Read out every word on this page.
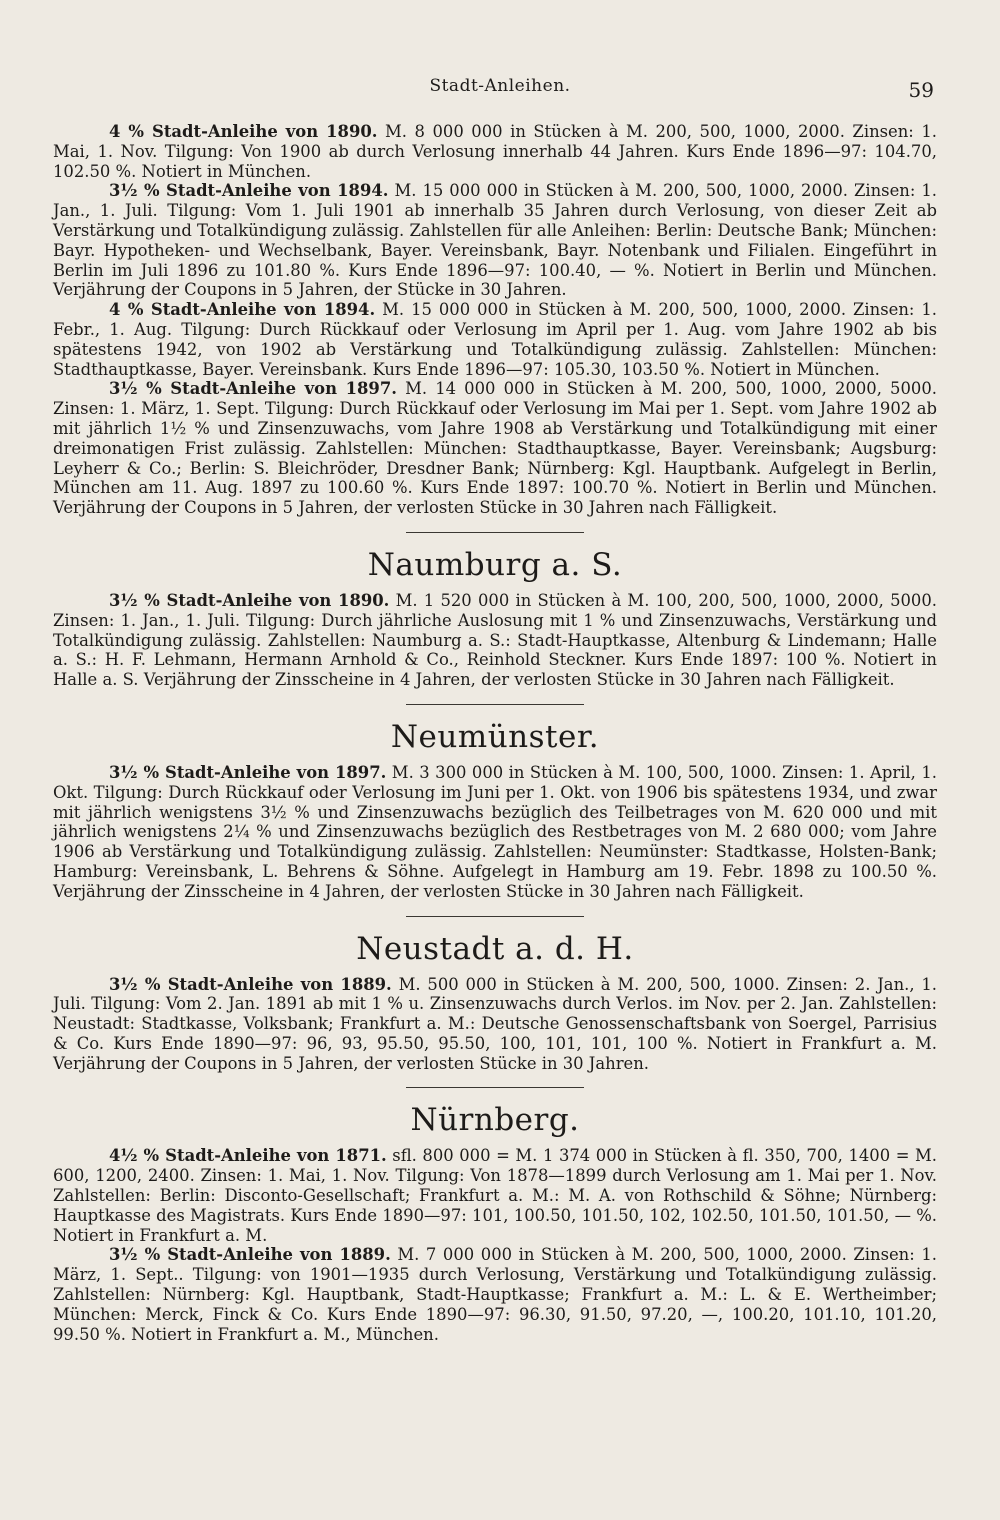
Stadt-Anleihen.	59

4 % Stadt-Anleihe von 1890. M. 8 000 000 in Stücken à M. 200, 500, 1000, 2000. Zinsen: 1. Mai, 1. Nov. Tilgung: Von 1900 ab durch Verlosung innerhalb 44 Jahren. Kurs Ende 1896—97: 104.70, 102.50 %. Notiert in München.

3½ % Stadt-Anleihe von 1894. M. 15 000 000 in Stücken à M. 200, 500, 1000, 2000. Zinsen: 1. Jan., 1. Juli. Tilgung: Vom 1. Juli 1901 ab innerhalb 35 Jahren durch Verlosung, von dieser Zeit ab Verstärkung und Totalkündigung zulässig. Zahlstellen für alle Anleihen: Berlin: Deutsche Bank; München: Bayr. Hypotheken- und Wechselbank, Bayer. Vereinsbank, Bayr. Notenbank und Filialen. Eingeführt in Berlin im Juli 1896 zu 101.80 %. Kurs Ende 1896—97: 100.40, — %. Notiert in Berlin und München. Verjährung der Coupons in 5 Jahren, der Stücke in 30 Jahren.

4 % Stadt-Anleihe von 1894. M. 15 000 000 in Stücken à M. 200, 500, 1000, 2000. Zinsen: 1. Febr., 1. Aug. Tilgung: Durch Rückkauf oder Verlosung im April per 1. Aug. vom Jahre 1902 ab bis spätestens 1942, von 1902 ab Verstärkung und Totalkündigung zulässig. Zahlstellen: München: Stadthauptkasse, Bayer. Vereinsbank. Kurs Ende 1896—97: 105.30, 103.50 %. Notiert in München.

3½ % Stadt-Anleihe von 1897. M. 14 000 000 in Stücken à M. 200, 500, 1000, 2000, 5000. Zinsen: 1. März, 1. Sept. Tilgung: Durch Rückkauf oder Verlosung im Mai per 1. Sept. vom Jahre 1902 ab mit jährlich 1½ % und Zinsenzuwachs, vom Jahre 1908 ab Verstärkung und Totalkündigung mit einer dreimonatigen Frist zulässig. Zahlstellen: München: Stadthauptkasse, Bayer. Vereinsbank; Augsburg: Leyherr & Co.; Berlin: S. Bleichröder, Dresdner Bank; Nürnberg: Kgl. Hauptbank. Aufgelegt in Berlin, München am 11. Aug. 1897 zu 100.60 %. Kurs Ende 1897: 100.70 %. Notiert in Berlin und München. Verjährung der Coupons in 5 Jahren, der verlosten Stücke in 30 Jahren nach Fälligkeit.

Naumburg a. S.

3½ % Stadt-Anleihe von 1890. M. 1 520 000 in Stücken à M. 100, 200, 500, 1000, 2000, 5000. Zinsen: 1. Jan., 1. Juli. Tilgung: Durch jährliche Auslosung mit 1 % und Zinsenzuwachs, Verstärkung und Totalkündigung zulässig. Zahlstellen: Naumburg a. S.: Stadt-Hauptkasse, Altenburg & Lindemann; Halle a. S.: H. F. Lehmann, Hermann Arnhold & Co., Reinhold Steckner. Kurs Ende 1897: 100 %. Notiert in Halle a. S. Verjährung der Zinsscheine in 4 Jahren, der verlosten Stücke in 30 Jahren nach Fälligkeit.

Neumünster.

3½ % Stadt-Anleihe von 1897. M. 3 300 000 in Stücken à M. 100, 500, 1000. Zinsen: 1. April, 1. Okt. Tilgung: Durch Rückkauf oder Verlosung im Juni per 1. Okt. von 1906 bis spätestens 1934, und zwar mit jährlich wenigstens 3½ % und Zinsenzuwachs bezüglich des Teilbetrages von M. 620 000 und mit jährlich wenigstens 2¼ % und Zinsenzuwachs bezüglich des Restbetrages von M. 2 680 000; vom Jahre 1906 ab Verstärkung und Totalkündigung zulässig. Zahlstellen: Neumünster: Stadtkasse, Holsten-Bank; Hamburg: Vereinsbank, L. Behrens & Söhne. Aufgelegt in Hamburg am 19. Febr. 1898 zu 100.50 %. Verjährung der Zinsscheine in 4 Jahren, der verlosten Stücke in 30 Jahren nach Fälligkeit.

Neustadt a. d. H.

3½ % Stadt-Anleihe von 1889. M. 500 000 in Stücken à M. 200, 500, 1000. Zinsen: 2. Jan., 1. Juli. Tilgung: Vom 2. Jan. 1891 ab mit 1 % u. Zinsenzuwachs durch Verlos. im Nov. per 2. Jan. Zahlstellen: Neustadt: Stadtkasse, Volksbank; Frankfurt a. M.: Deutsche Genossenschaftsbank von Soergel, Parrisius & Co. Kurs Ende 1890—97: 96, 93, 95.50, 95.50, 100, 101, 101, 100 %. Notiert in Frankfurt a. M. Verjährung der Coupons in 5 Jahren, der verlosten Stücke in 30 Jahren.

Nürnberg.

4½ % Stadt-Anleihe von 1871. sfl. 800 000 = M. 1 374 000 in Stücken à fl. 350, 700, 1400 = M. 600, 1200, 2400. Zinsen: 1. Mai, 1. Nov. Tilgung: Von 1878—1899 durch Verlosung am 1. Mai per 1. Nov. Zahlstellen: Berlin: Disconto-Gesellschaft; Frankfurt a. M.: M. A. von Rothschild & Söhne; Nürnberg: Hauptkasse des Magistrats. Kurs Ende 1890—97: 101, 100.50, 101.50, 102, 102.50, 101.50, 101.50, — %. Notiert in Frankfurt a. M.

3½ % Stadt-Anleihe von 1889. M. 7 000 000 in Stücken à M. 200, 500, 1000, 2000. Zinsen: 1. März, 1. Sept.. Tilgung: von 1901—1935 durch Verlosung, Verstärkung und Totalkündigung zulässig. Zahlstellen: Nürnberg: Kgl. Hauptbank, Stadt-Hauptkasse; Frankfurt a. M.: L. & E. Wertheimber; München: Merck, Finck & Co. Kurs Ende 1890—97: 96.30, 91.50, 97.20, —, 100.20, 101.10, 101.20, 99.50 %. Notiert in Frankfurt a. M., München.
